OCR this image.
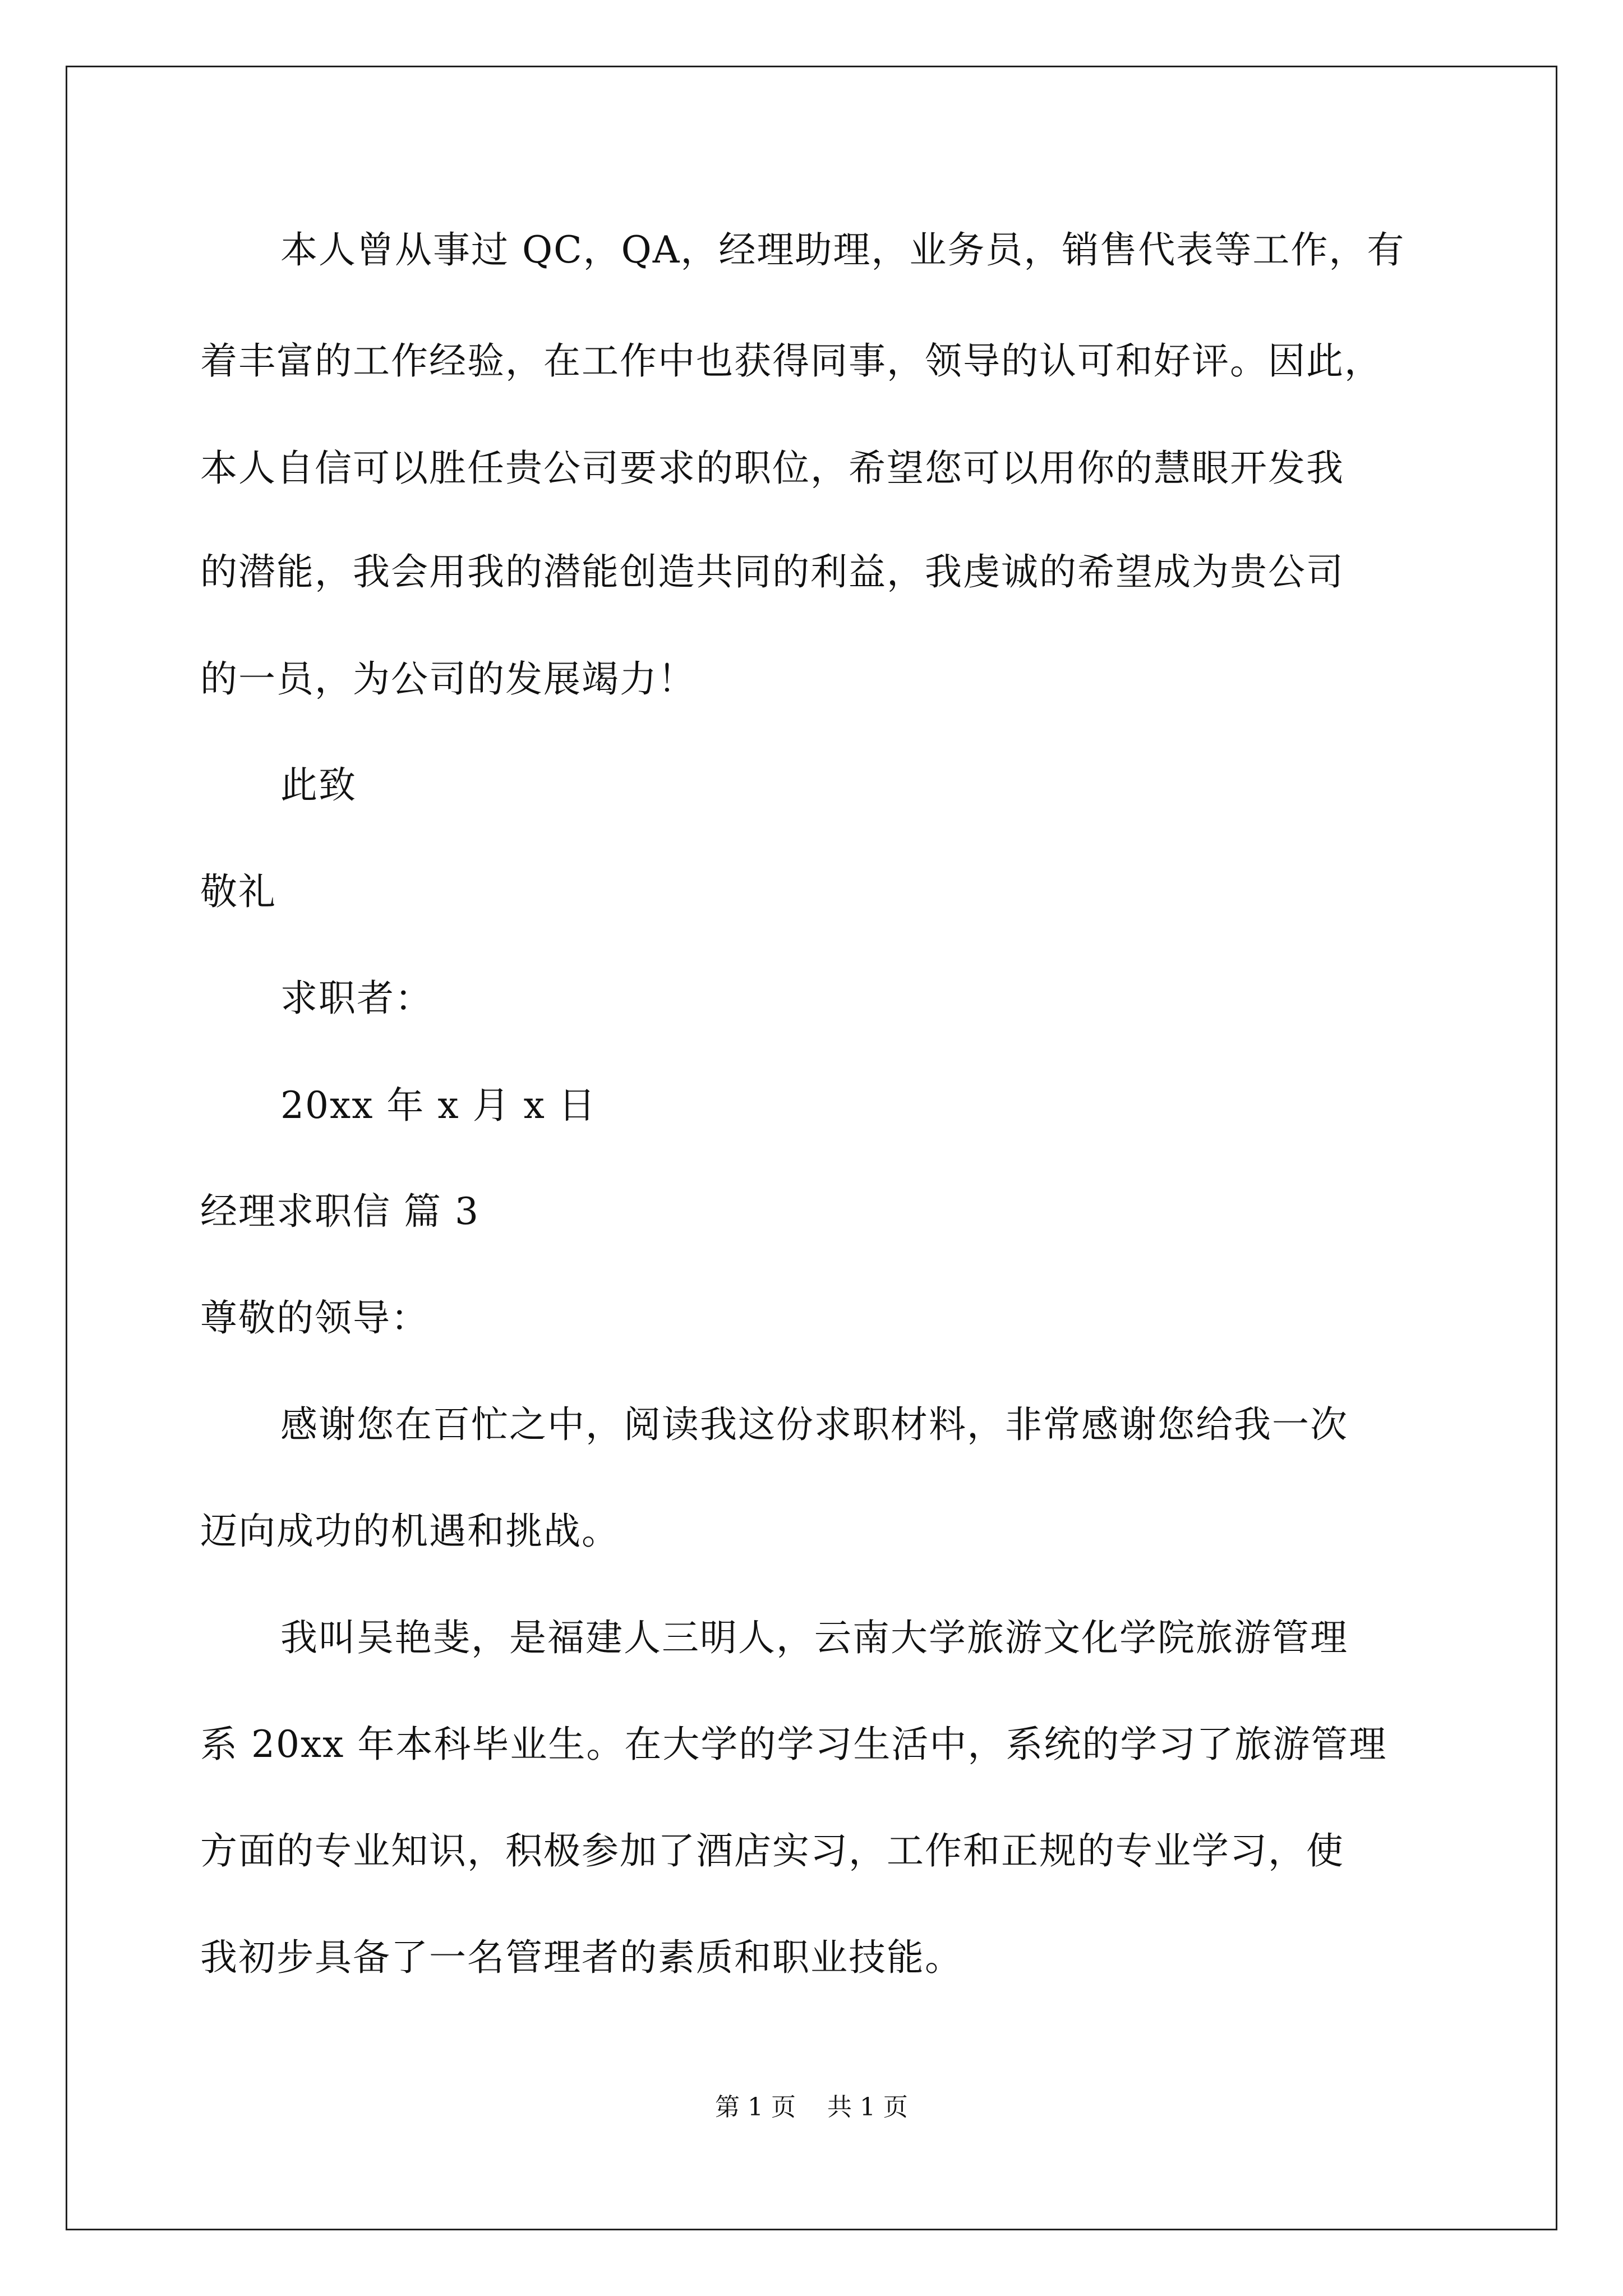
本人曾从事过 QC，QA，经理助理，业务员，销售代表等工作，有
着丰富的工作经验，在工作中也获得同事，领导的认可和好评。因此，
本人自信可以胜任贵公司要求的职位，希望您可以用你的慧眼开发我
的潜能，我会用我的潜能创造共同的利益，我虔诚的希望成为贵公司
的一员，为公司的发展竭力！
此致
敬礼
求职者：
20xx 年 x 月 x 日
经理求职信 篇 3
尊敬的领导：
感谢您在百忙之中，阅读我这份求职材料，非常感谢您给我一次
迈向成功的机遇和挑战。
我叫吴艳斐，是福建人三明人，云南大学旅游文化学院旅游管理
系 20xx 年本科毕业生。在大学的学习生活中，系统的学习了旅游管理
方面的专业知识，积极参加了酒店实习，工作和正规的专业学习，使
我初步具备了一名管理者的素质和职业技能。
第 1 页    共 1 页
